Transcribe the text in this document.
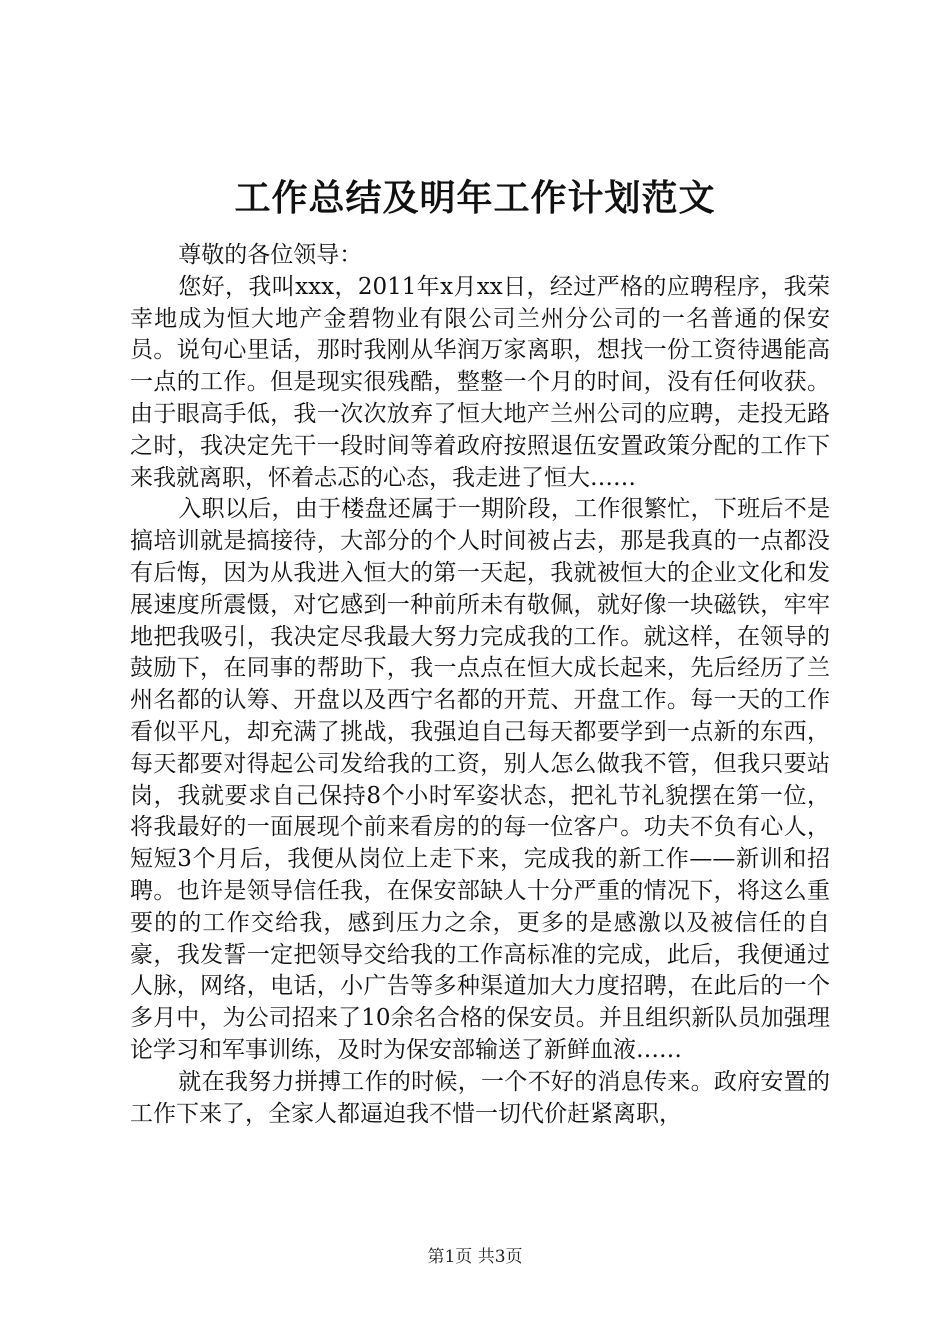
工作总结及明年工作计划范文

尊敬的各位领导：

您好，我叫xxx，2011年x月xx日，经过严格的应聘程序，我荣幸地成为恒大地产金碧物业有限公司兰州分公司的一名普通的保安员。说句心里话，那时我刚从华润万家离职，想找一份工资待遇能高一点的工作。但是现实很残酷，整整一个月的时间，没有任何收获。由于眼高手低，我一次次放弃了恒大地产兰州公司的应聘，走投无路之时，我决定先干一段时间等着政府按照退伍安置政策分配的工作下来我就离职，怀着忐忑的心态，我走进了恒大……

入职以后，由于楼盘还属于一期阶段，工作很繁忙，下班后不是搞培训就是搞接待，大部分的个人时间被占去，那是我真的一点都没有后悔，因为从我进入恒大的第一天起，我就被恒大的企业文化和发展速度所震慑，对它感到一种前所未有敬佩，就好像一块磁铁，牢牢地把我吸引，我决定尽我最大努力完成我的工作。就这样，在领导的鼓励下，在同事的帮助下，我一点点在恒大成长起来，先后经历了兰州名都的认筹、开盘以及西宁名都的开荒、开盘工作。每一天的工作看似平凡，却充满了挑战，我强迫自己每天都要学到一点新的东西，每天都要对得起公司发给我的工资，别人怎么做我不管，但我只要站岗，我就要求自己保持8个小时军姿状态，把礼节礼貌摆在第一位，将我最好的一面展现个前来看房的的每一位客户。功夫不负有心人，短短3个月后，我便从岗位上走下来，完成我的新工作——新训和招聘。也许是领导信任我，在保安部缺人十分严重的情况下，将这么重要的的工作交给我，感到压力之余，更多的是感激以及被信任的自豪，我发誓一定把领导交给我的工作高标准的完成，此后，我便通过人脉，网络，电话，小广告等多种渠道加大力度招聘，在此后的一个多月中，为公司招来了10余名合格的保安员。并且组织新队员加强理论学习和军事训练，及时为保安部输送了新鲜血液……

就在我努力拼搏工作的时候，一个不好的消息传来。政府安置的工作下来了，全家人都逼迫我不惜一切代价赶紧离职，

第1页 共3页
